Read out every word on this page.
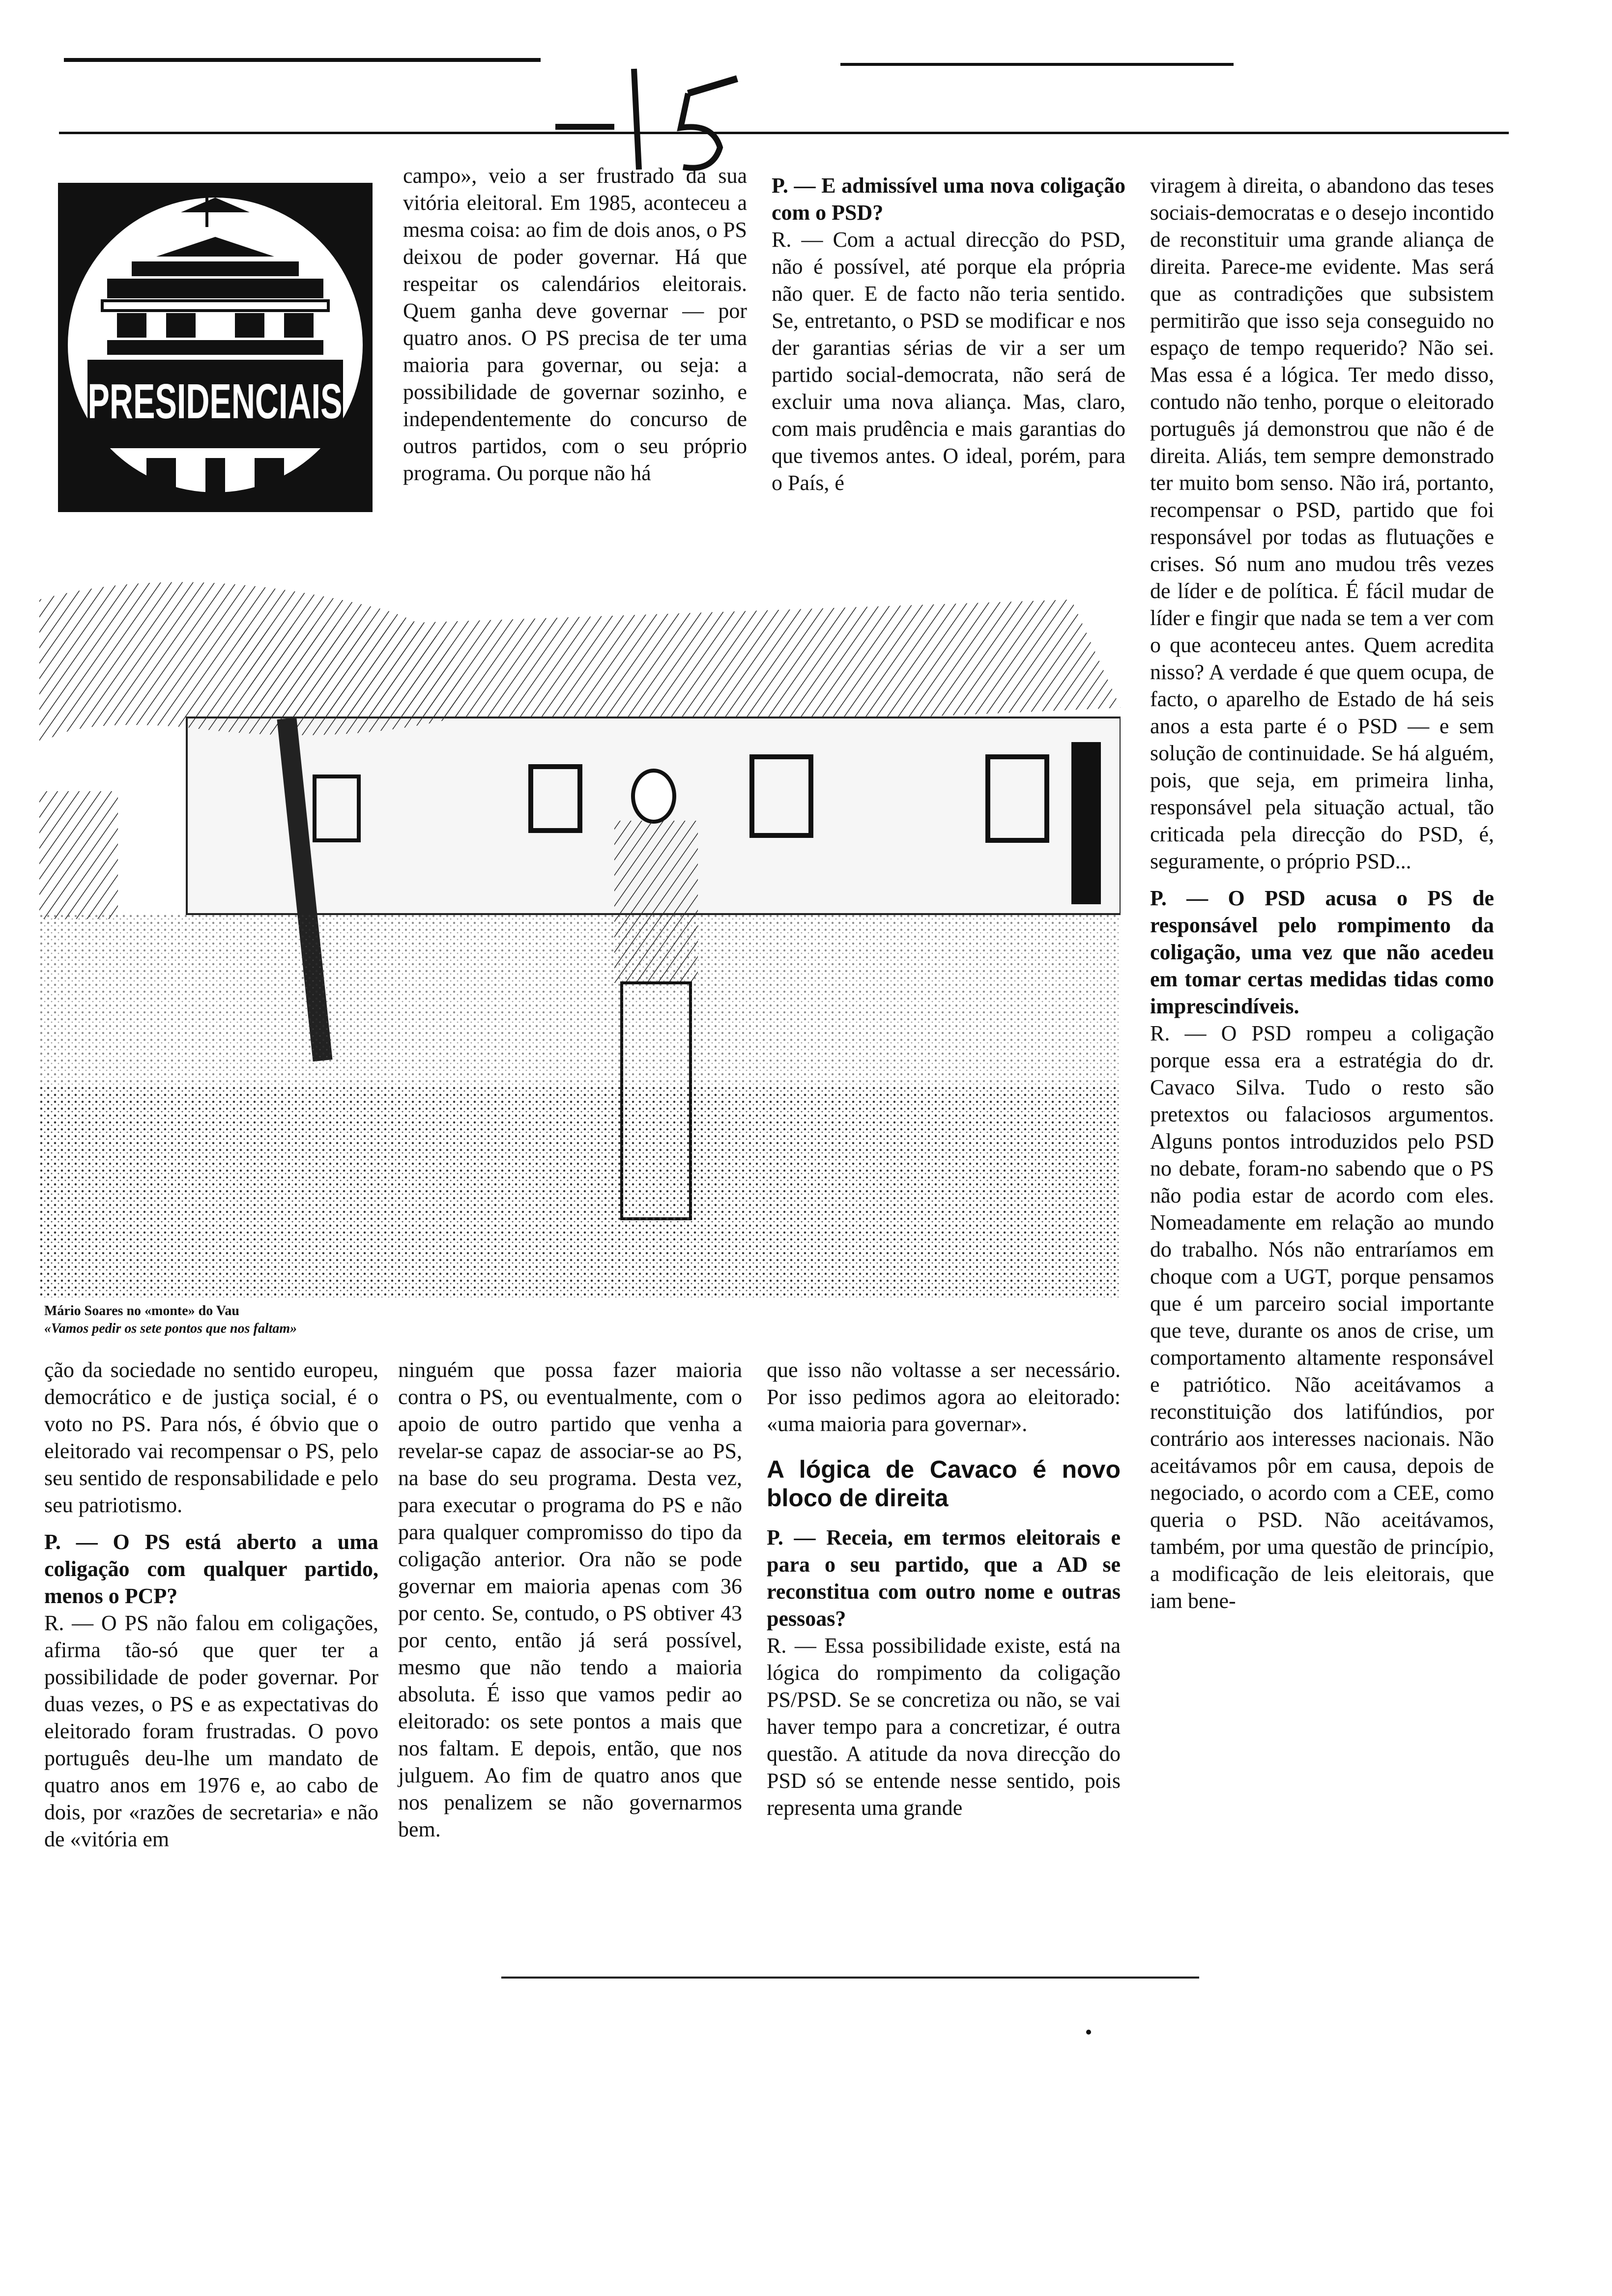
15
PRESIDENCIAIS

campo», veio a ser frustrado da sua vitória eleitoral. Em 1985, aconteceu a mesma coisa: ao fim de dois anos, o PS deixou de poder governar. Há que respeitar os calendários eleitorais. Quem ganha deve governar — por quatro anos. O PS precisa de ter uma maioria para governar, ou seja: a possibilidade de governar sozinho, e independentemente do concurso de outros partidos, com o seu próprio programa. Ou porque não há

P. — E admissível uma nova coligação com o PSD?

R. — Com a actual direcção do PSD, não é possível, até porque ela própria não quer. E de facto não teria sentido. Se, entretanto, o PSD se modificar e nos der garantias sérias de vir a ser um partido social-democrata, não será de excluir uma nova aliança. Mas, claro, com mais prudência e mais garantias do que tivemos antes. O ideal, porém, para o País, é

viragem à direita, o abandono das teses sociais-democratas e o desejo incontido de reconstituir uma grande aliança de direita. Parece-me evidente. Mas será que as contradições que subsistem permitirão que isso seja conseguido no espaço de tempo requerido? Não sei. Mas essa é a lógica. Ter medo disso, contudo não tenho, porque o eleitorado português já demonstrou que não é de direita. Aliás, tem sempre demonstrado ter muito bom senso. Não irá, portanto, recompensar o PSD, partido que foi responsável por todas as flutuações e crises. Só num ano mudou três vezes de líder e de política. É fácil mudar de líder e fingir que nada se tem a ver com o que aconteceu antes. Quem acredita nisso? A verdade é que quem ocupa, de facto, o aparelho de Estado de há seis anos a esta parte é o PSD — e sem solução de continuidade. Se há alguém, pois, que seja, em primeira linha, responsável pela situação actual, tão criticada pela direcção do PSD, é, seguramente, o próprio PSD...

P. — O PSD acusa o PS de responsável pelo rompimento da coligação, uma vez que não acedeu em tomar certas medidas tidas como imprescindíveis.

R. — O PSD rompeu a coligação porque essa era a estratégia do dr. Cavaco Silva. Tudo o resto são pretextos ou falaciosos argumentos. Alguns pontos introduzidos pelo PSD no debate, foram-no sabendo que o PS não podia estar de acordo com eles. Nomeadamente em relação ao mundo do trabalho. Nós não entraríamos em choque com a UGT, porque pensamos que é um parceiro social importante que teve, durante os anos de crise, um comportamento altamente responsável e patriótico. Não aceitávamos a reconstituição dos latifúndios, por contrário aos interesses nacionais. Não aceitávamos pôr em causa, depois de negociado, o acordo com a CEE, como queria o PSD. Não aceitávamos, também, por uma questão de princípio, a modificação de leis eleitorais, que iam bene-

Mário Soares no «monte» do Vau
«Vamos pedir os sete pontos que nos faltam»

ção da sociedade no sentido europeu, democrático e de justiça social, é o voto no PS. Para nós, é óbvio que o eleitorado vai recompensar o PS, pelo seu sentido de responsabilidade e pelo seu patriotismo.

P. — O PS está aberto a uma coligação com qualquer partido, menos o PCP?

R. — O PS não falou em coligações, afirma tão-só que quer ter a possibilidade de poder governar. Por duas vezes, o PS e as expectativas do eleitorado foram frustradas. O povo português deu-lhe um mandato de quatro anos em 1976 e, ao cabo de dois, por «razões de secretaria» e não de «vitória em

ninguém que possa fazer maioria contra o PS, ou eventualmente, com o apoio de outro partido que venha a revelar-se capaz de associar-se ao PS, na base do seu programa. Desta vez, para executar o programa do PS e não para qualquer compromisso do tipo da coligação anterior. Ora não se pode governar em maioria apenas com 36 por cento. Se, contudo, o PS obtiver 43 por cento, então já será possível, mesmo que não tendo a maioria absoluta. É isso que vamos pedir ao eleitorado: os sete pontos a mais que nos faltam. E depois, então, que nos julguem. Ao fim de quatro anos que nos penalizem se não governarmos bem.

que isso não voltasse a ser necessário. Por isso pedimos agora ao eleitorado: «uma maioria para governar».

A lógica de Cavaco é novo bloco de direita

P. — Receia, em termos eleitorais e para o seu partido, que a AD se reconstitua com outro nome e outras pessoas?

R. — Essa possibilidade existe, está na lógica do rompimento da coligação PS/PSD. Se se concretiza ou não, se vai haver tempo para a concretizar, é outra questão. A atitude da nova direcção do PSD só se entende nesse sentido, pois representa uma grande
